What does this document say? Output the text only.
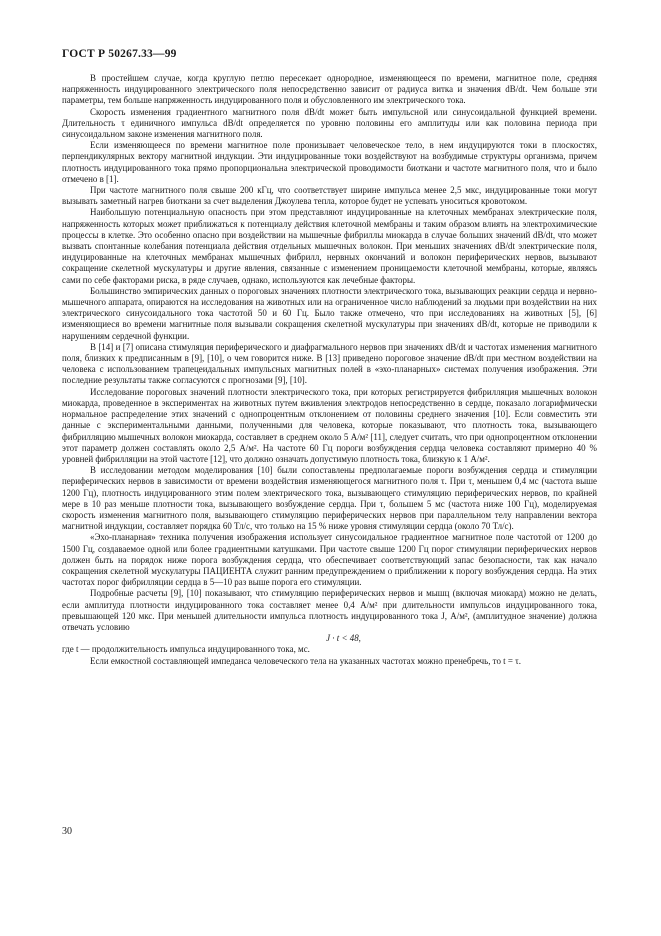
ГОСТ Р 50267.33—99

В простейшем случае, когда круглую петлю пересекает однородное, изменяющееся по времени, магнитное поле, средняя напряженность индуцированного электрического поля непосредственно зависит от радиуса витка и значения dB/dt. Чем больше эти параметры, тем больше напряженность индуцированного поля и обусловленного им электрического тока.

Скорость изменения градиентного магнитного поля dB/dt может быть импульсной или синусоидальной функцией времени. Длительность τ единичного импульса dB/dt определяется по уровню половины его амплитуды или как половина периода при синусоидальном законе изменения магнитного поля.

Если изменяющееся по времени магнитное поле пронизывает человеческое тело, в нем индуцируются токи в плоскостях, перпендикулярных вектору магнитной индукции. Эти индуцированные токи воздействуют на возбудимые структуры организма, причем плотность индуцированного тока прямо пропорциональна электрической проводимости биоткани и частоте магнитного поля, что и было отмечено в [1].

При частоте магнитного поля свыше 200 кГц, что соответствует ширине импульса менее 2,5 мкс, индуцированные токи могут вызывать заметный нагрев биоткани за счет выделения Джоулева тепла, которое будет не успевать уноситься кровотоком.

Наибольшую потенциальную опасность при этом представляют индуцированные на клеточных мембранах электрические поля, напряженность которых может приближаться к потенциалу действия клеточной мембраны и таким образом влиять на электрохимические процессы в клетке. Это особенно опасно при воздействии на мышечные фибриллы миокарда в случае больших значений dB/dt, что может вызвать спонтанные колебания потенциала действия отдельных мышечных волокон. При меньших значениях dB/dt электрические поля, индуцированные на клеточных мембранах мышечных фибрилл, нервных окончаний и волокон периферических нервов, вызывают сокращение скелетной мускулатуры и другие явления, связанные с изменением проницаемости клеточной мембраны, которые, являясь сами по себе факторами риска, в ряде случаев, однако, используются как лечебные факторы.

Большинство эмпирических данных о пороговых значениях плотности электрического тока, вызывающих реакции сердца и нервно-мышечного аппарата, опираются на исследования на животных или на ограниченное число наблюдений за людьми при воздействии на них электрического синусоидального тока частотой 50 и 60 Гц. Было также отмечено, что при исследованиях на животных [5], [6] изменяющиеся во времени магнитные поля вызывали сокращения скелетной мускулатуры при значениях dB/dt, которые не приводили к нарушениям сердечной функции.

В [14] и [7] описана стимуляция периферического и диафрагмального нервов при значениях dB/dt и частотах изменения магнитного поля, близких к предписанным в [9], [10], о чем говорится ниже. В [13] приведено пороговое значение dB/dt при местном воздействии на человека с использованием трапецеидальных импульсных магнитных полей в «эхо-планарных» системах получения изображения. Эти последние результаты также согласуются с прогнозами [9], [10].

Исследование пороговых значений плотности электрического тока, при которых регистрируется фибрилляция мышечных волокон миокарда, проведенное в экспериментах на животных путем вживления электродов непосредственно в сердце, показало логарифмически нормальное распределение этих значений с однопроцентным отклонением от половины среднего значения [10]. Если совместить эти данные с экспериментальными данными, полученными для человека, которые показывают, что плотность тока, вызывающего фибрилляцию мышечных волокон миокарда, составляет в среднем около 5 А/м² [11], следует считать, что при однопроцентном отклонении этот параметр должен составлять около 2,5 А/м². На частоте 60 Гц пороги возбуждения сердца человека составляют примерно 40 % уровней фибрилляции на этой частоте [12], что должно означать допустимую плотность тока, близкую к 1 А/м².

В исследовании методом моделирования [10] были сопоставлены предполагаемые пороги возбуждения сердца и стимуляции периферических нервов в зависимости от времени воздействия изменяющегося магнитного поля τ. При τ, меньшем 0,4 мс (частота выше 1200 Гц), плотность индуцированного этим полем электрического тока, вызывающего стимуляцию периферических нервов, по крайней мере в 10 раз меньше плотности тока, вызывающего возбуждение сердца. При τ, большем 5 мс (частота ниже 100 Гц), моделируемая скорость изменения магнитного поля, вызывающего стимуляцию периферических нервов при параллельном телу направлении вектора магнитной индукции, составляет порядка 60 Тл/с, что только на 15 % ниже уровня стимуляции сердца (около 70 Тл/с).

«Эхо-планарная» техника получения изображения использует синусоидальное градиентное магнитное поле частотой от 1200 до 1500 Гц, создаваемое одной или более градиентными катушками. При частоте свыше 1200 Гц порог стимуляции периферических нервов должен быть на порядок ниже порога возбуждения сердца, что обеспечивает соответствующий запас безопасности, так как начало сокращения скелетной мускулатуры ПАЦИЕНТА служит ранним предупреждением о приближении к порогу возбуждения сердца. На этих частотах порог фибрилляции сердца в 5—10 раз выше порога его стимуляции.

Подробные расчеты [9], [10] показывают, что стимуляцию периферических нервов и мышц (включая миокард) можно не делать, если амплитуда плотности индуцированного тока составляет менее 0,4 А/м² при длительности импульсов индуцированного тока, превышающей 120 мкс. При меньшей длительности импульса плотность индуцированного тока J, А/м², (амплитудное значение) должна отвечать условию

J · t < 48,

где t — продолжительность импульса индуцированного тока, мс.

Если емкостной составляющей импеданса человеческого тела на указанных частотах можно пренебречь, то t = τ.

30
